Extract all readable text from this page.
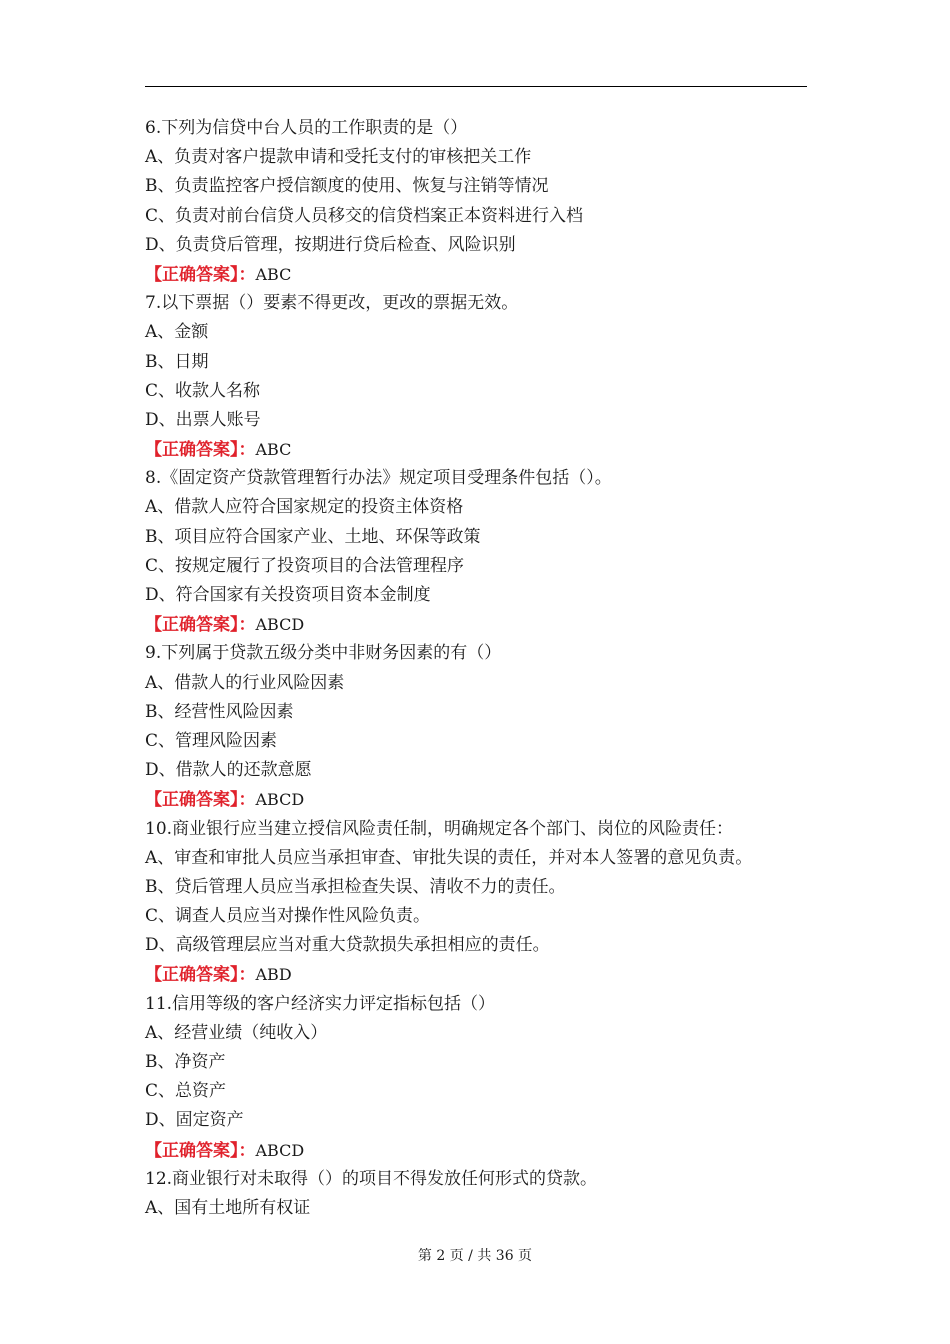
6.下列为信贷中台人员的工作职责的是（）
A、负责对客户提款申请和受托支付的审核把关工作
B、负责监控客户授信额度的使用、恢复与注销等情况
C、负责对前台信贷人员移交的信贷档案正本资料进行入档
D、负责贷后管理，按期进行贷后检查、风险识别
【正确答案】：ABC
7.以下票据（）要素不得更改，更改的票据无效。
A、金额
B、日期
C、收款人名称
D、出票人账号
【正确答案】：ABC
8.《固定资产贷款管理暂行办法》规定项目受理条件包括（）。
A、借款人应符合国家规定的投资主体资格
B、项目应符合国家产业、土地、环保等政策
C、按规定履行了投资项目的合法管理程序
D、符合国家有关投资项目资本金制度
【正确答案】：ABCD
9.下列属于贷款五级分类中非财务因素的有（）
A、借款人的行业风险因素
B、经营性风险因素
C、管理风险因素
D、借款人的还款意愿
【正确答案】：ABCD
10.商业银行应当建立授信风险责任制，明确规定各个部门、岗位的风险责任：
A、审查和审批人员应当承担审查、审批失误的责任，并对本人签署的意见负责。
B、贷后管理人员应当承担检查失误、清收不力的责任。
C、调查人员应当对操作性风险负责。
D、高级管理层应当对重大贷款损失承担相应的责任。
【正确答案】：ABD
11.信用等级的客户经济实力评定指标包括（）
A、经营业绩（纯收入）
B、净资产
C、总资产
D、固定资产
【正确答案】：ABCD
12.商业银行对未取得（）的项目不得发放任何形式的贷款。
A、国有土地所有权证
第 2 页 / 共 36 页
